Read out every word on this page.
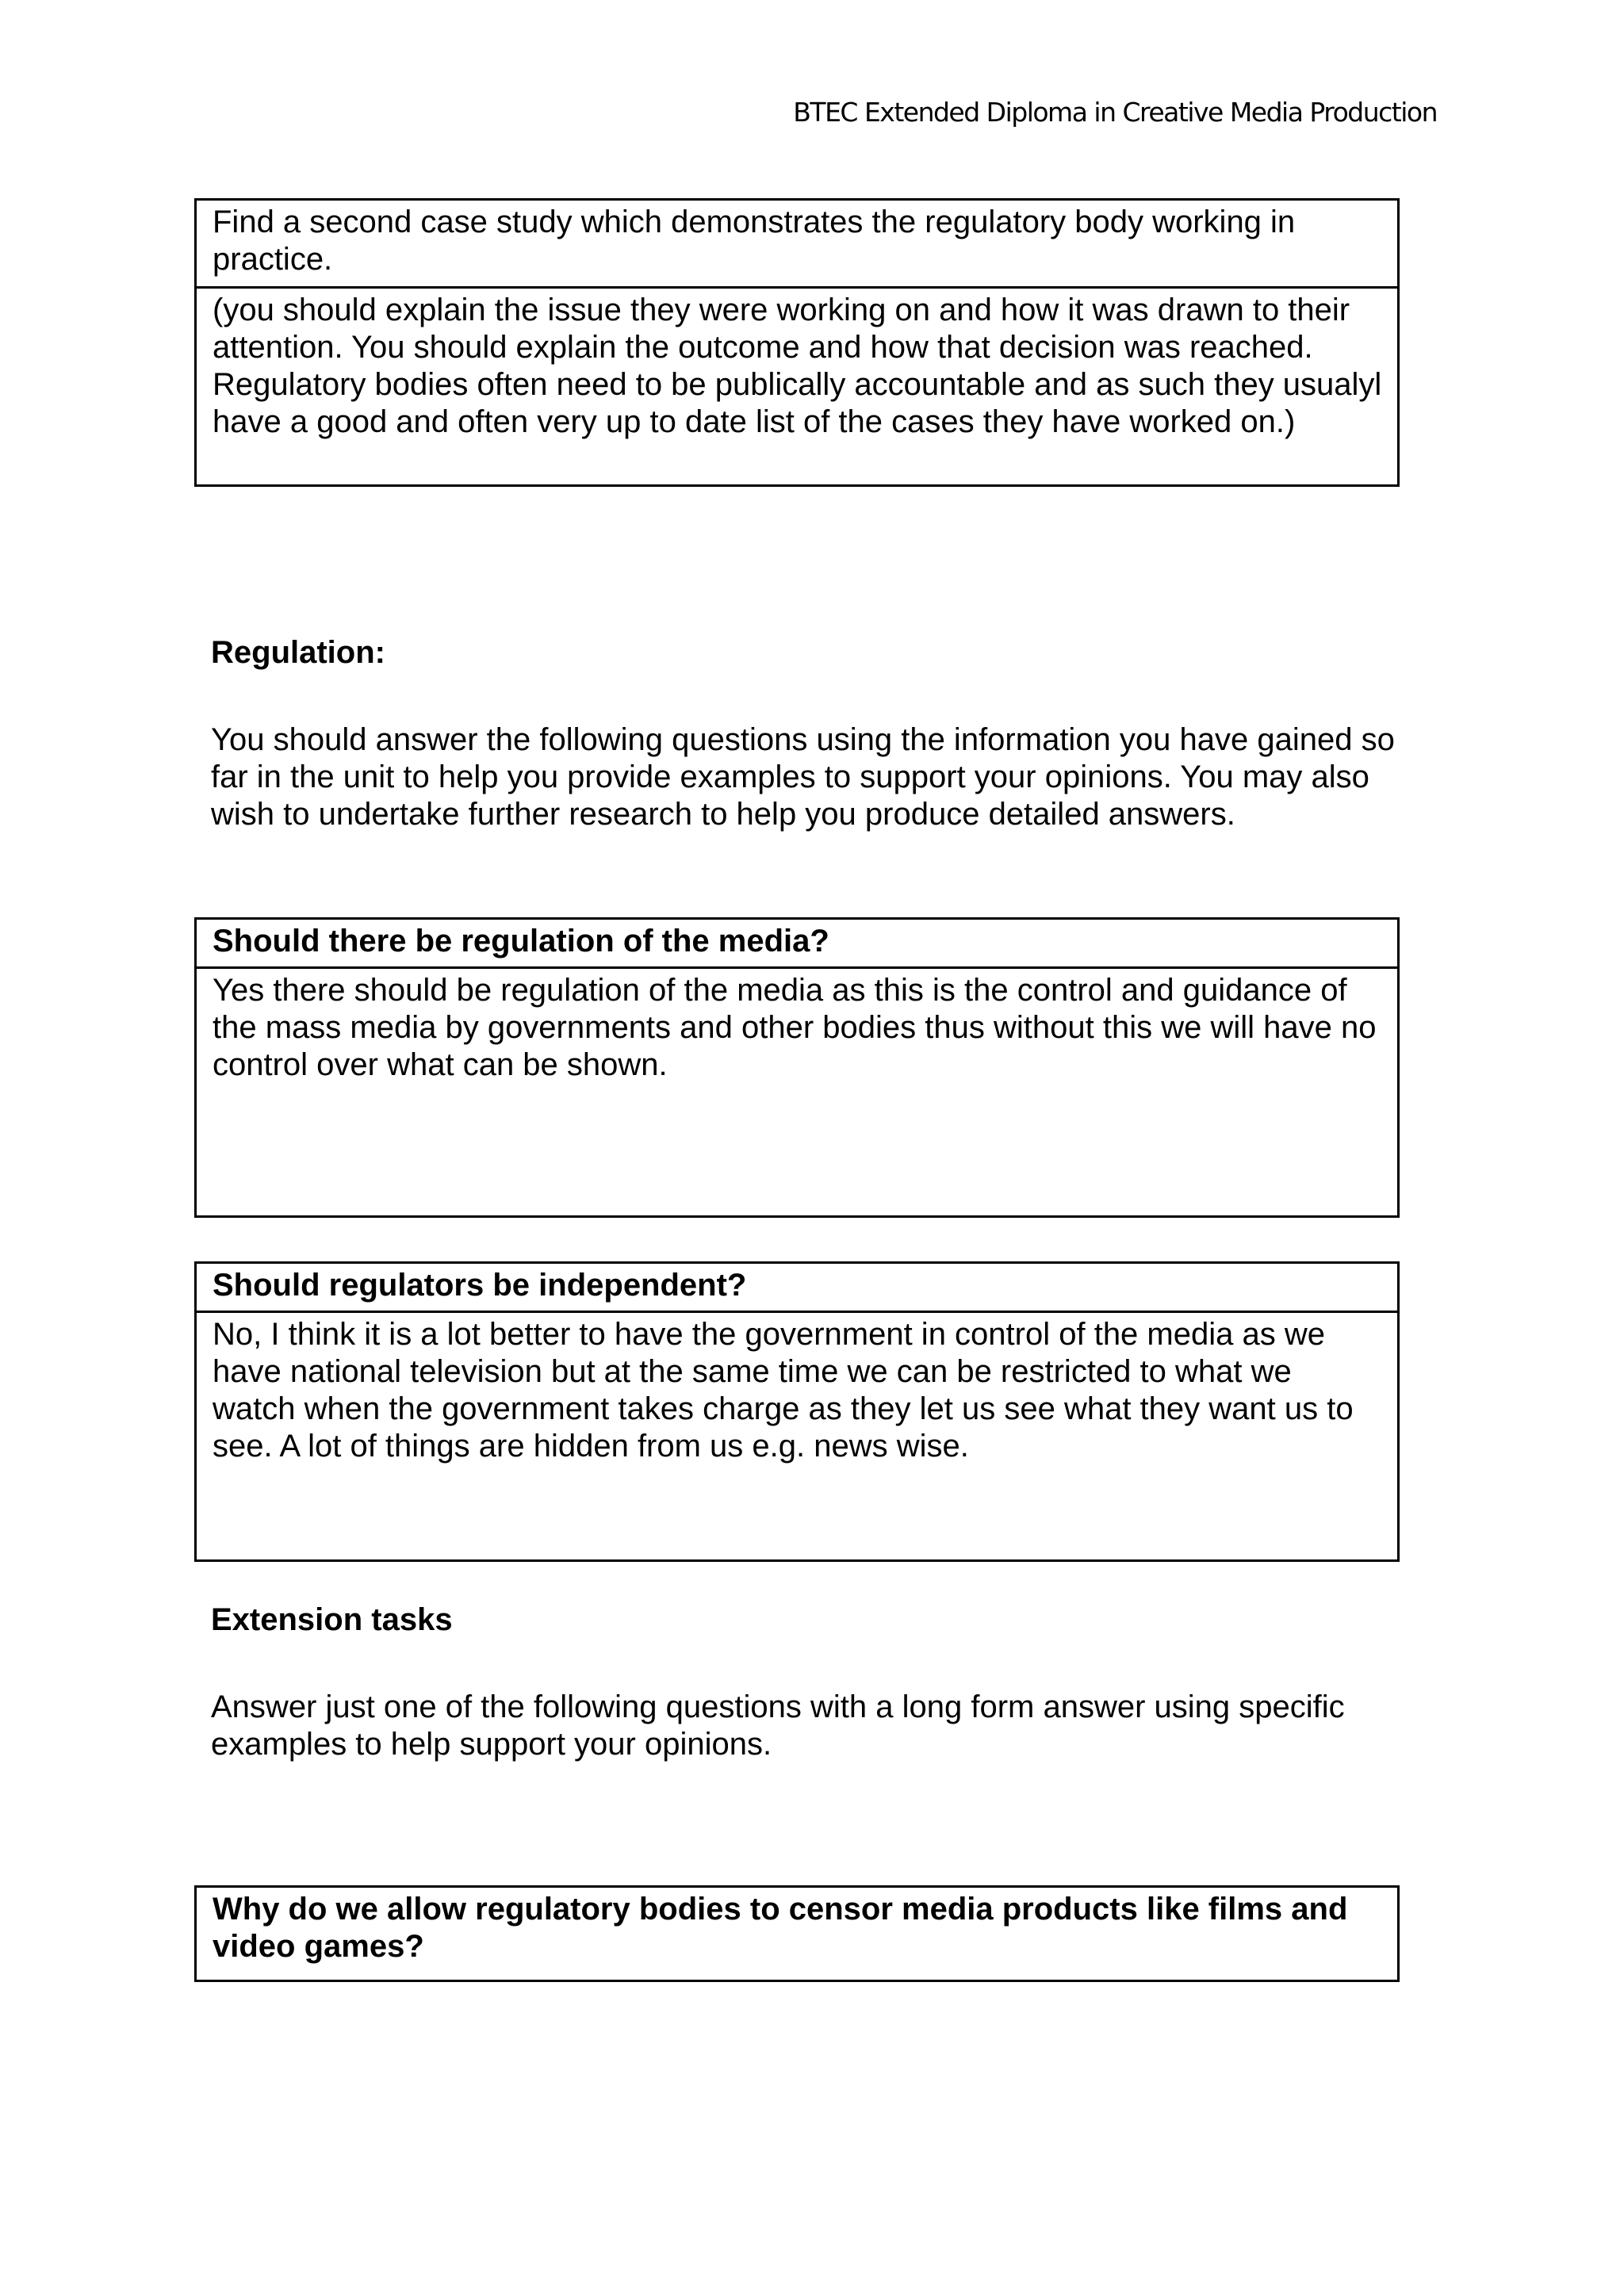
BTEC Extended Diploma in Creative Media Production
Find a second case study which demonstrates the regulatory body working in practice.
(you should explain the issue they were working on and how it was drawn to their attention. You should explain the outcome and how that decision was reached. Regulatory bodies often need to be publically accountable and as such they usualyl have a good and often very up to date list of the cases they have worked on.)
Regulation:
You should answer the following questions using the information you have gained so far in the unit to help you provide examples to support your opinions. You may also wish to undertake further research to help you produce detailed answers.
Should there be regulation of the media?
Yes there should be regulation of the media as this is the control and guidance of the mass media by governments and other bodies thus without this we will have no control over what can be shown.
Should regulators be independent?
No, I think it is a lot better to have the government in control of the media as we have national television but at the same time we can be restricted to what we watch when the government takes charge as they let us see what they want us to see. A lot of things are hidden from us e.g. news wise.
Extension tasks
Answer just one of the following questions with a long form answer using specific examples to help support your opinions.
Why do we allow regulatory bodies to censor media products like films and video games?
